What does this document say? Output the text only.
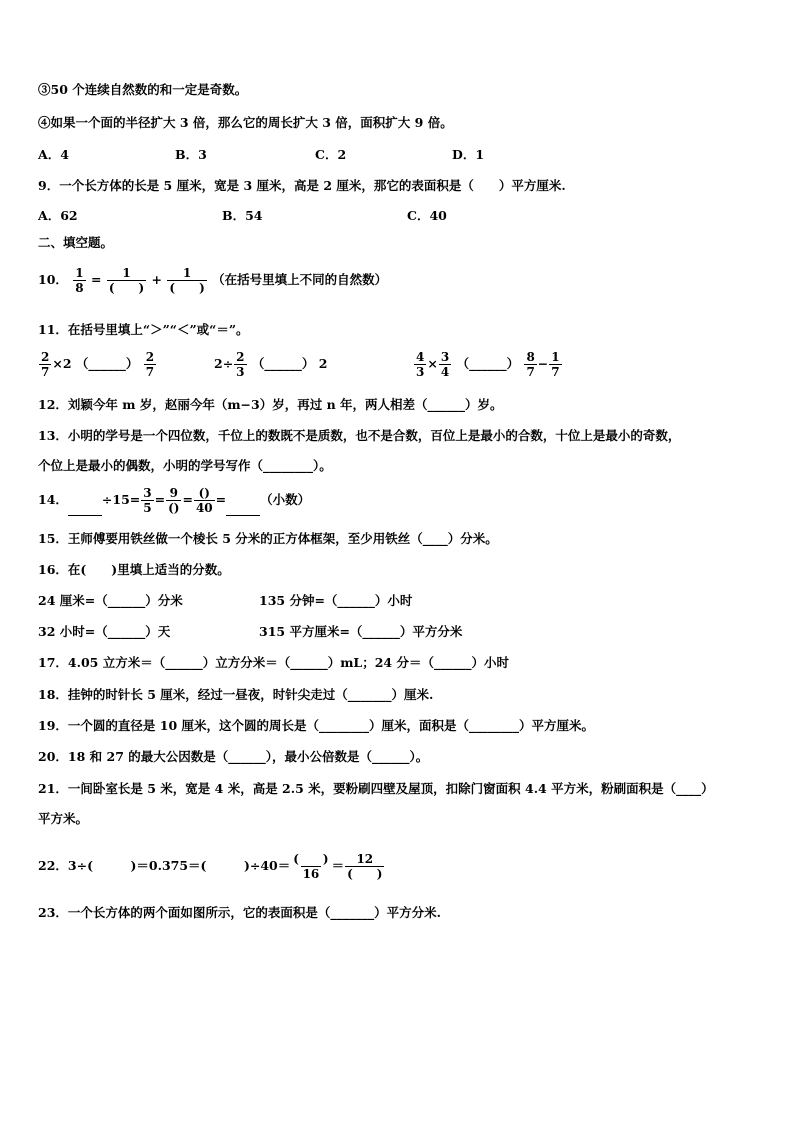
③50 个连续自然数的和一定是奇数。
④如果一个面的半径扩大 3 倍，那么它的周长扩大 3 倍，面积扩大 9 倍。
A．4	B．3	C．2	D．1
9．一个长方体的长是 5 厘米，宽是 3 厘米，高是 2 厘米，那它的表面积是（　　）平方厘米.
A．62	B．54	C．40
二、填空题。
10． $\frac{1}{8} = \frac{1}{( )} + \frac{1}{( )}$ （在括号里填上不同的自然数）
11．在括号里填上“＞”“＜”或“＝”。
$\frac{2}{7} \times 2$ （______） $\frac{2}{7}$	$2\div \frac{2}{3}$ （______） 2	$\frac{4}{3} \times \frac{3}{4}$ （______） $\frac{8}{7} - \frac{1}{7}$
12．刘颖今年 m 岁，赵丽今年（m−3）岁，再过 n 年，两人相差（______）岁。
13．小明的学号是一个四位数，千位上的数既不是质数，也不是合数，百位上是最小的合数，十位上是最小的奇数，
个位上是最小的偶数，小明的学号写作（________）。
14．	$\div 15= \frac{3}{5} = \frac{9}{()} = \frac{()}{40}$ =	（小数）
15．王师傅要用铁丝做一个棱长 5 分米的正方体框架，至少用铁丝（____）分米。
16．在(　　)里填上适当的分数。
24 厘米=（______）分米	135 分钟=（______）小时
32 小时=（______）天	315 平方厘米=（______）平方分米
17．4.05 立方米＝（______）立方分米＝（______）mL；24 分＝（______）小时
18．挂钟的时针长 5 厘米，经过一昼夜，时针尖走过（_______）厘米.
19．一个圆的直径是 10 厘米，这个圆的周长是（________）厘米，面积是（________）平方厘米。
20．18 和 27 的最大公因数是（______），最小公倍数是（______）。
21．一间卧室长是 5 米，宽是 4 米，高是 2.5 米，要粉刷四壁及屋顶，扣除门窗面积 4.4 平方米，粉刷面积是（____）
平方米。
22．3÷(　　　)＝0.375＝(　　　)$\div 40= \frac{( )}{16} = \frac{12}{( )}$
23．一个长方体的两个面如图所示，它的表面积是（_______）平方分米.
